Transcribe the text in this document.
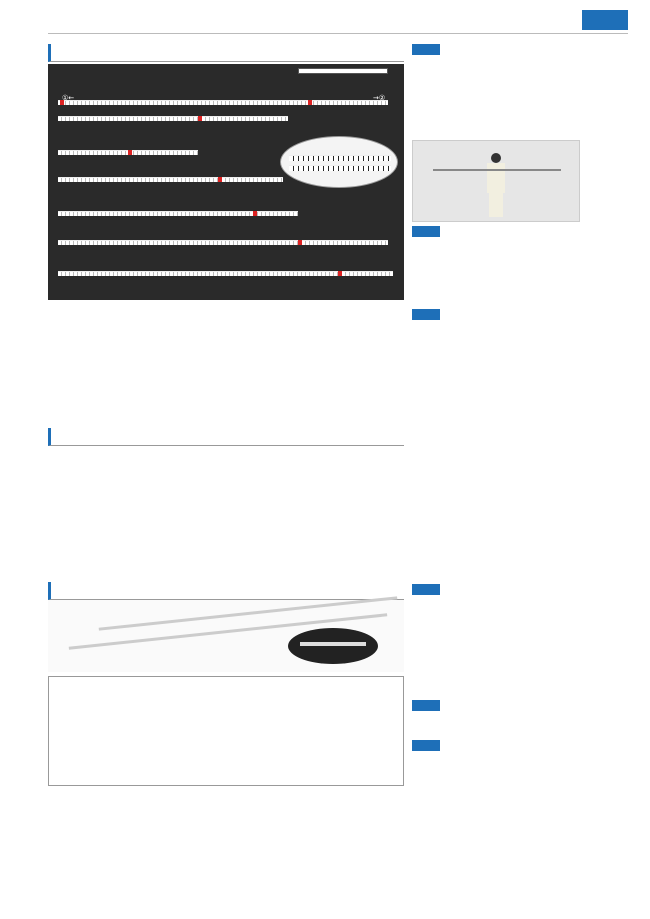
①←	→②
